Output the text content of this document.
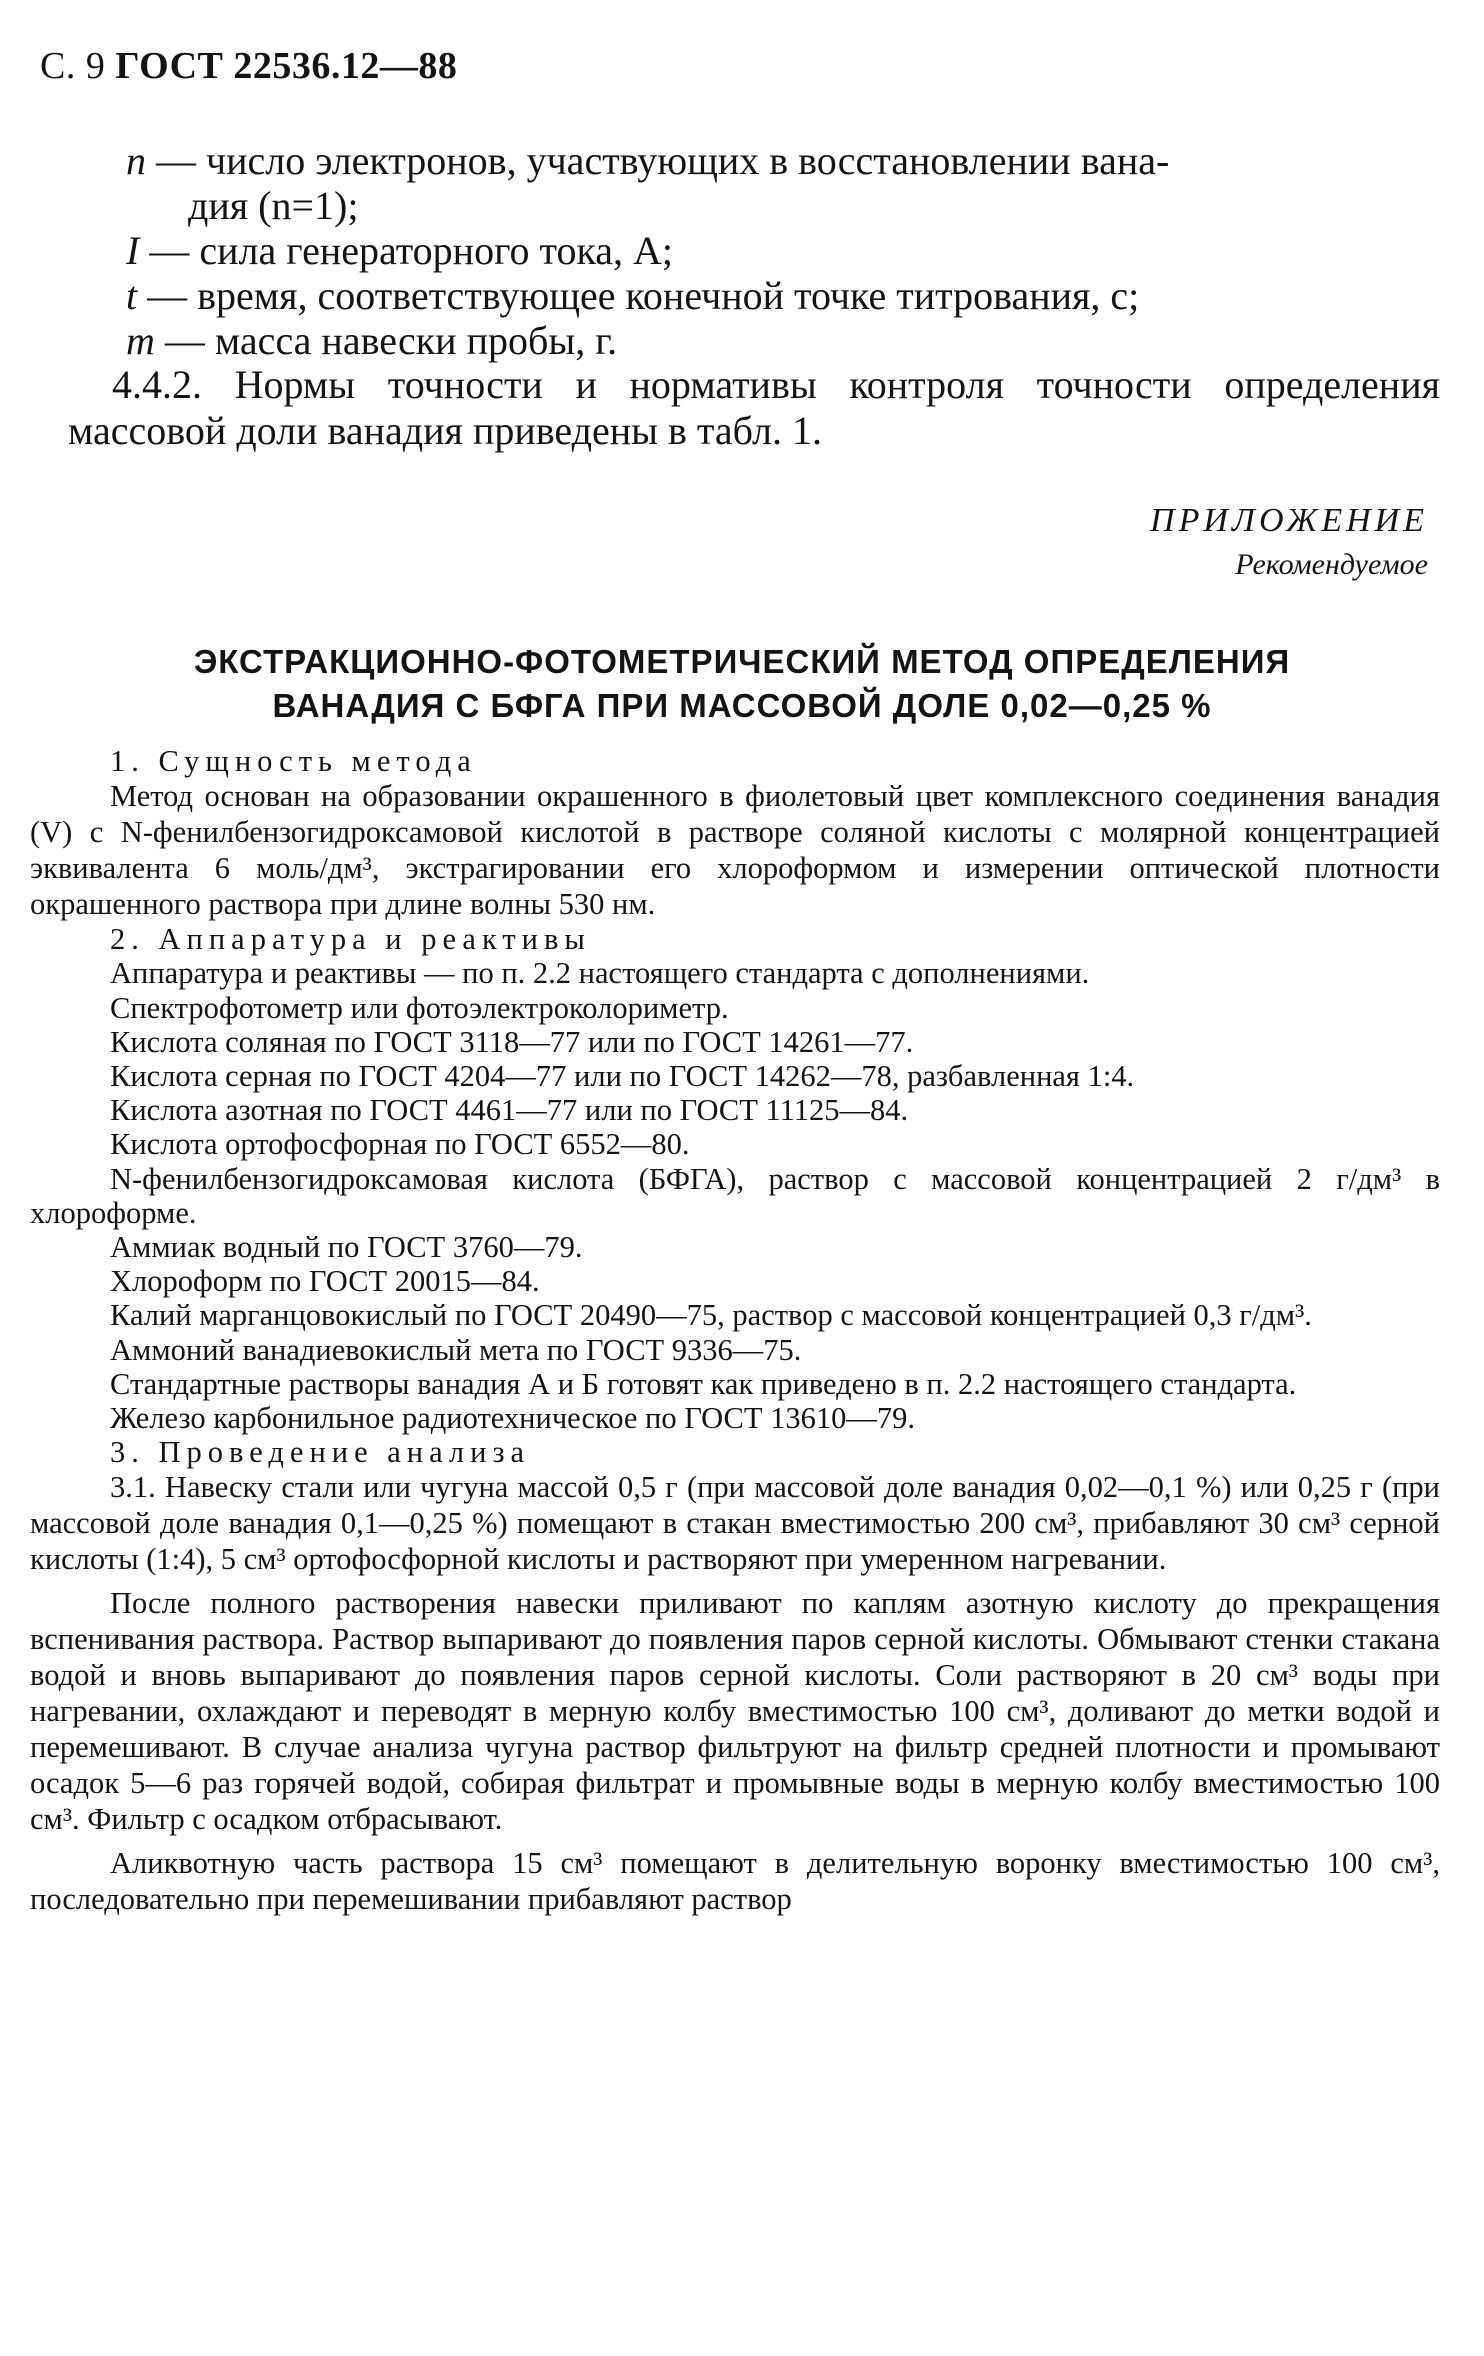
С. 9 ГОСТ 22536.12—88
n — число электронов, участвующих в восстановлении вана-
дия (n=1);
I — сила генераторного тока, А;
t — время, соответствующее конечной точке титрования, с;
m — масса навески пробы, г.
4.4.2. Нормы точности и нормативы контроля точности определения массовой доли ванадия приведены в табл. 1.
ПРИЛОЖЕНИЕ
Рекомендуемое
ЭКСТРАКЦИОННО-ФОТОМЕТРИЧЕСКИЙ МЕТОД ОПРЕДЕЛЕНИЯ
ВАНАДИЯ С БФГА ПРИ МАССОВОЙ ДОЛЕ 0,02—0,25 %

1. Сущность метода

Метод основан на образовании окрашенного в фиолетовый цвет комплексного соединения ванадия (V) с N-фенилбензогидроксамовой кислотой в растворе соляной кислоты с молярной концентрацией эквивалента 6 моль/дм³, экстрагировании его хлороформом и измерении оптической плотности окрашенного раствора при длине волны 530 нм.

2. Аппаратура и реактивы

Аппаратура и реактивы — по п. 2.2 настоящего стандарта с дополнениями.

Спектрофотометр или фотоэлектроколориметр.

Кислота соляная по ГОСТ 3118—77 или по ГОСТ 14261—77.

Кислота серная по ГОСТ 4204—77 или по ГОСТ 14262—78, разбавленная 1:4.

Кислота азотная по ГОСТ 4461—77 или по ГОСТ 11125—84.

Кислота ортофосфорная по ГОСТ 6552—80.

N-фенилбензогидроксамовая кислота (БФГА), раствор с массовой концентрацией 2 г/дм³ в хлороформе.

Аммиак водный по ГОСТ 3760—79.

Хлороформ по ГОСТ 20015—84.

Калий марганцовокислый по ГОСТ 20490—75, раствор с массовой концентрацией 0,3 г/дм³.

Аммоний ванадиевокислый мета по ГОСТ 9336—75.

Стандартные растворы ванадия А и Б готовят как приведено в п. 2.2 настоящего стандарта.

Железо карбонильное радиотехническое по ГОСТ 13610—79.

3. Проведение анализа

3.1. Навеску стали или чугуна массой 0,5 г (при массовой доле ванадия 0,02—0,1 %) или 0,25 г (при массовой доле ванадия 0,1—0,25 %) помещают в стакан вместимостью 200 см³, прибавляют 30 см³ серной кислоты (1:4), 5 см³ ортофосфорной кислоты и растворяют при умеренном нагревании.

После полного растворения навески приливают по каплям азотную кислоту до прекращения вспенивания раствора. Раствор выпаривают до появления паров серной кислоты. Обмывают стенки стакана водой и вновь выпаривают до появления паров серной кислоты. Соли растворяют в 20 см³ воды при нагревании, охлаждают и переводят в мерную колбу вместимостью 100 см³, доливают до метки водой и перемешивают. В случае анализа чугуна раствор фильтруют на фильтр средней плотности и промывают осадок 5—6 раз горячей водой, собирая фильтрат и промывные воды в мерную колбу вместимостью 100 см³. Фильтр с осадком отбрасывают.

Аликвотную часть раствора 15 см³ помещают в делительную воронку вместимостью 100 см³, последовательно при перемешивании прибавляют раствор
